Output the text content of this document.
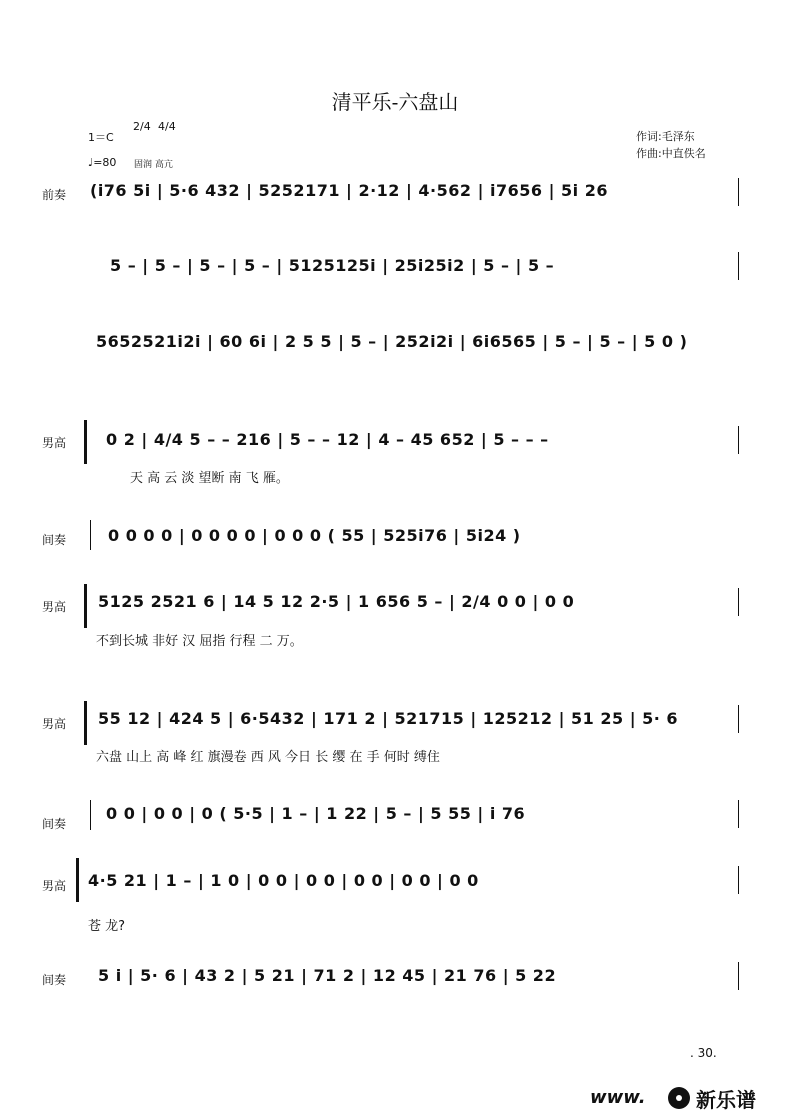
清平乐-六盘山
1＝C
2/4 4/4
♩=80 固润 高亢
作词:毛泽东
作曲:中直佚名
前奏 (i76 5i | 5·6 432 | 5252171 | 2·12 | 4·562 | i7656 | 5i 26
5 – | 5 – | 5 – | 5 – | 5125125i | 25i25i2 | 5 – | 5 –
5652521i2i | 60 6i | 2 5 5 | 5 – | 252i2i | 6i6565 | 5 – | 5 – | 5 0 )
男高 0 2 | 4/4 5 – – 216 | 5 – – 12 | 4 – 45 652 | 5 – – –
天 高 云 淡 望断 南 飞 雁。
间奏	0 0 0 0 | 0 0 0 0 | 0 0 0 ( 55 | 525i76 | 5i24 )
男高 5125 2521 6 | 14 5 12 2·5 | 1 656 5 – | 2/4 0 0 | 0 0
不到长城 非好 汉 屈指 行程 二 万。
男高 55 12 | 424 5 | 6·5432 | 171 2 | 521715 | 125212 | 51 25 | 5· 6
六盘 山上 高 峰 红 旗漫卷 西 风 今日 长 缨 在 手 何时 缚住
间奏
0 0 | 0 0 | 0 ( 5·5 | 1 – | 1 22 | 5 – | 5 55 | i 76
男高 4·5 21 | 1 – | 1 0 | 0 0 | 0 0 | 0 0 | 0 0 | 0 0
苍 龙?
间奏 5 i | 5· 6 | 43 2 | 5 21 | 71 2 | 12 45 | 21 76 | 5 22
. 30.
www.	新乐谱
